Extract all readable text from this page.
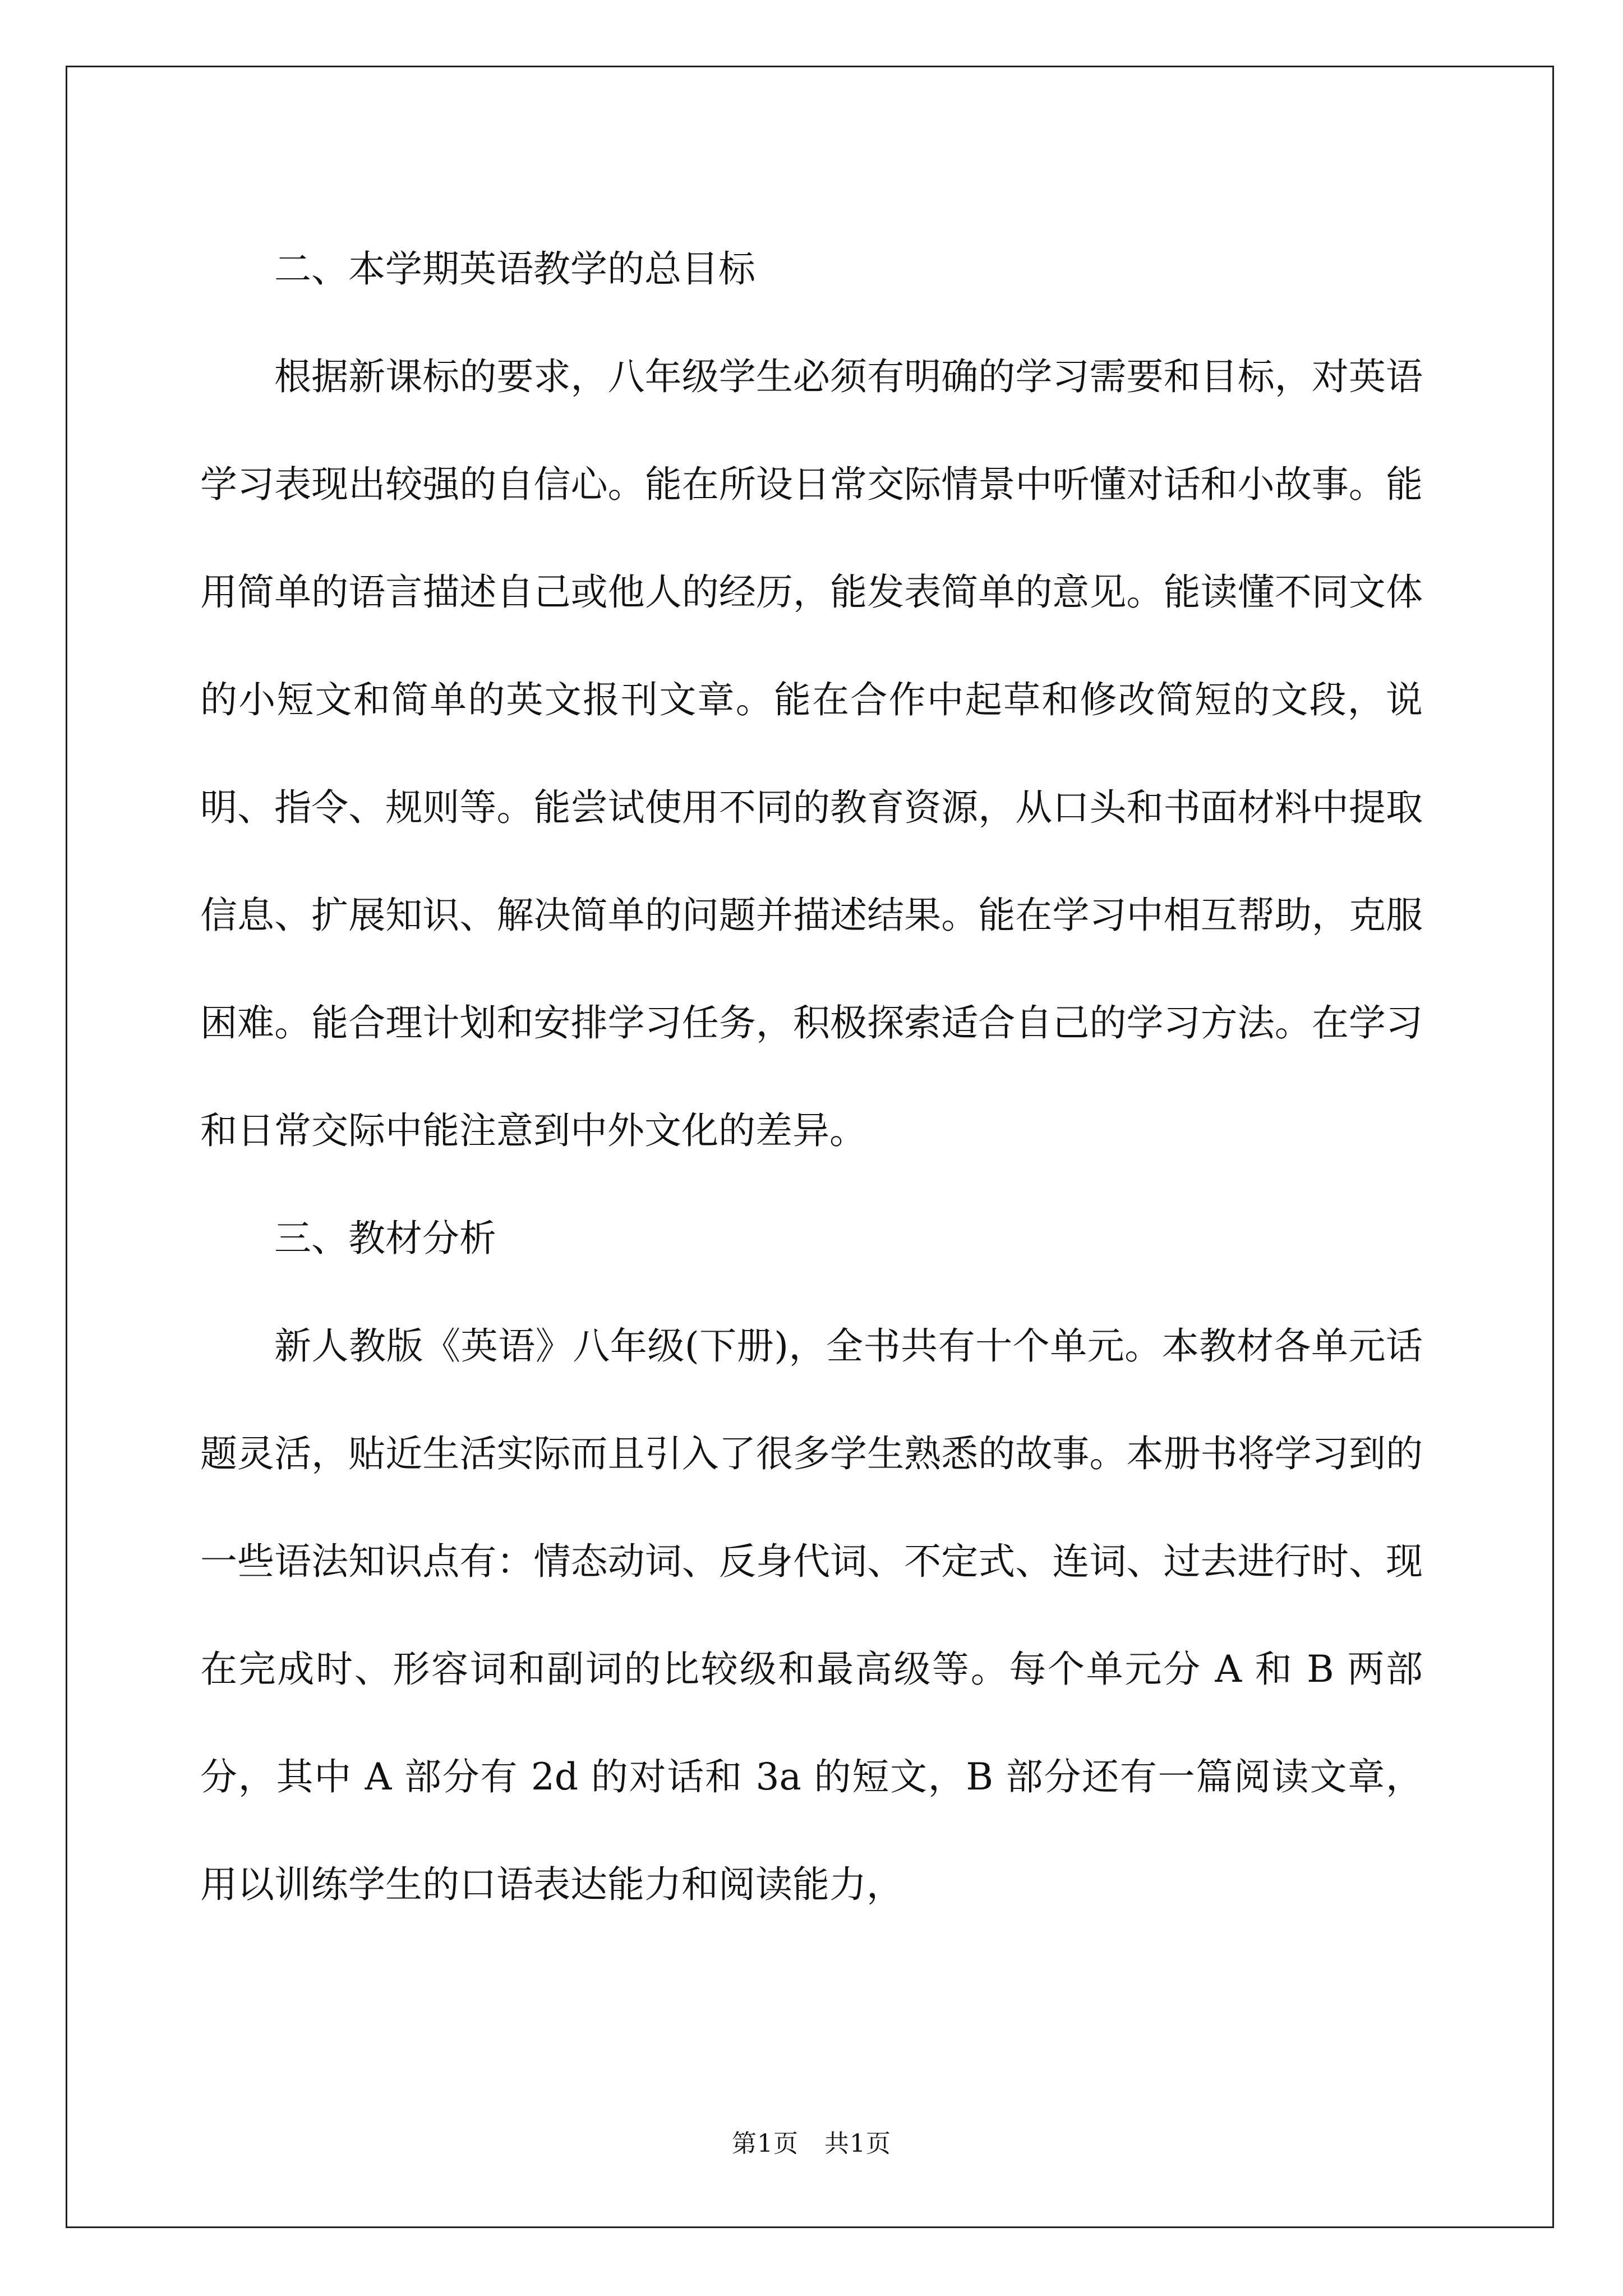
二、本学期英语教学的总目标

根据新课标的要求，八年级学生必须有明确的学习需要和目标，对英语学习表现出较强的自信心。能在所设日常交际情景中听懂对话和小故事。能用简单的语言描述自己或他人的经历，能发表简单的意见。能读懂不同文体的小短文和简单的英文报刊文章。能在合作中起草和修改简短的文段，说明、指令、规则等。能尝试使用不同的教育资源，从口头和书面材料中提取信息、扩展知识、解决简单的问题并描述结果。能在学习中相互帮助，克服困难。能合理计划和安排学习任务，积极探索适合自己的学习方法。在学习和日常交际中能注意到中外文化的差异。

三、教材分析

新人教版《英语》八年级(下册)，全书共有十个单元。本教材各单元话题灵活，贴近生活实际而且引入了很多学生熟悉的故事。本册书将学习到的一些语法知识点有：情态动词、反身代词、不定式、连词、过去进行时、现在完成时、形容词和副词的比较级和最高级等。每个单元分 A 和 B 两部分，其中 A 部分有 2d 的对话和 3a 的短文，B 部分还有一篇阅读文章，用以训练学生的口语表达能力和阅读能力，

第1页 共1页
